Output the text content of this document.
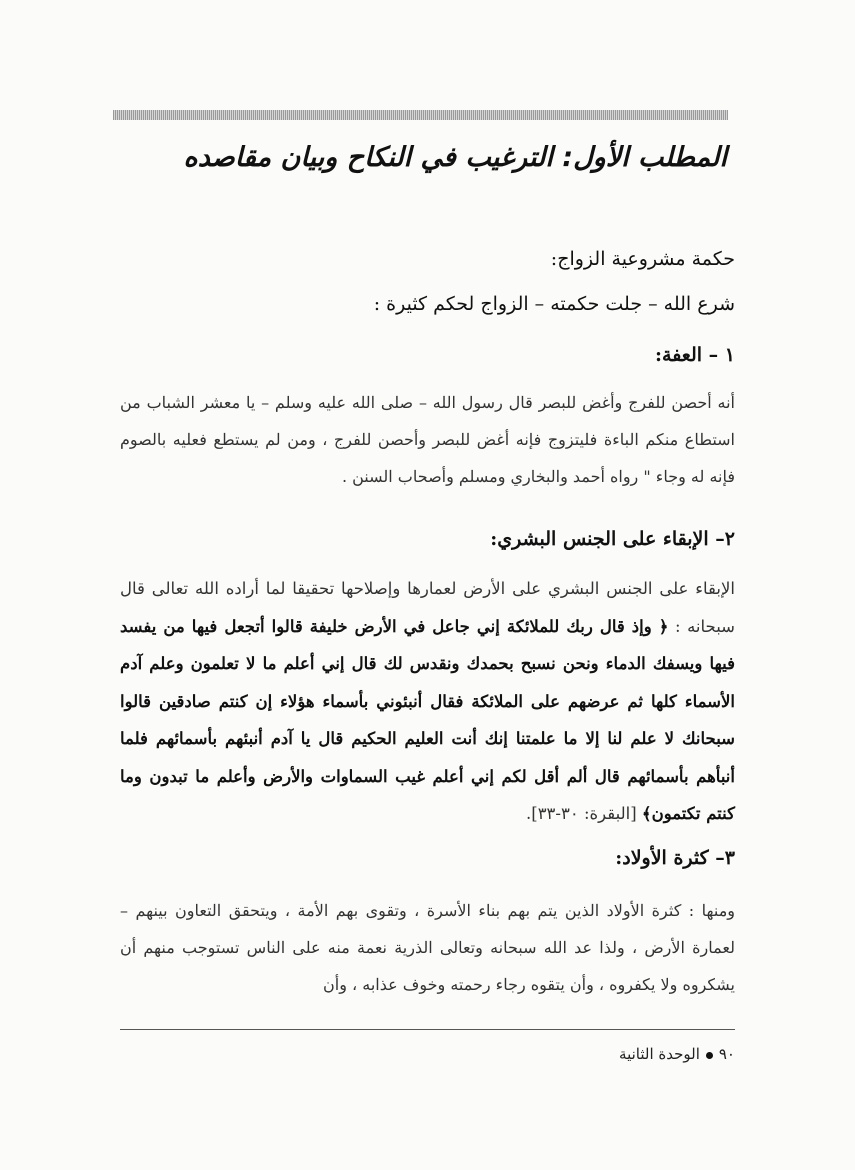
المطلب الأول: الترغيب في النكاح وبيان مقاصده
حكمة مشروعية الزواج:
شرع الله – جلت حكمته – الزواج لحكم كثيرة :
١ – العفة:
أنه أحصن للفرج وأغض للبصر قال رسول الله – صلى الله عليه وسلم – يا معشر الشباب من استطاع منكم الباءة فليتزوج فإنه أغض للبصر وأحصن للفرج ، ومن لم يستطع فعليه بالصوم فإنه له وجاء " رواه أحمد والبخاري ومسلم وأصحاب السنن .
٢– الإبقاء على الجنس البشري:
الإبقاء على الجنس البشري على الأرض لعمارها وإصلاحها تحقيقا لما أراده الله تعالى قال سبحانه : ﴿ وإذ قال ربك للملائكة إني جاعل في الأرض خليفة قالوا أتجعل فيها من يفسد فيها ويسفك الدماء ونحن نسبح بحمدك ونقدس لك قال إني أعلم ما لا تعلمون وعلم آدم الأسماء كلها ثم عرضهم على الملائكة فقال أنبئوني بأسماء هؤلاء إن كنتم صادقين قالوا سبحانك لا علم لنا إلا ما علمتنا إنك أنت العليم الحكيم قال يا آدم أنبئهم بأسمائهم فلما أنبأهم بأسمائهم قال ألم أقل لكم إني أعلم غيب السماوات والأرض وأعلم ما تبدون وما كنتم تكتمون﴾ [البقرة: ٣٠-٣٣].
٣– كثرة الأولاد:
ومنها : كثرة الأولاد الذين يتم بهم بناء الأسرة ، وتقوى بهم الأمة ، ويتحقق التعاون بينهم – لعمارة الأرض ، ولذا عد الله سبحانه وتعالى الذرية نعمة منه على الناس تستوجب منهم أن يشكروه ولا يكفروه ، وأن يتقوه رجاء رحمته وخوف عذابه ، وأن
٩٠الوحدة الثانية
